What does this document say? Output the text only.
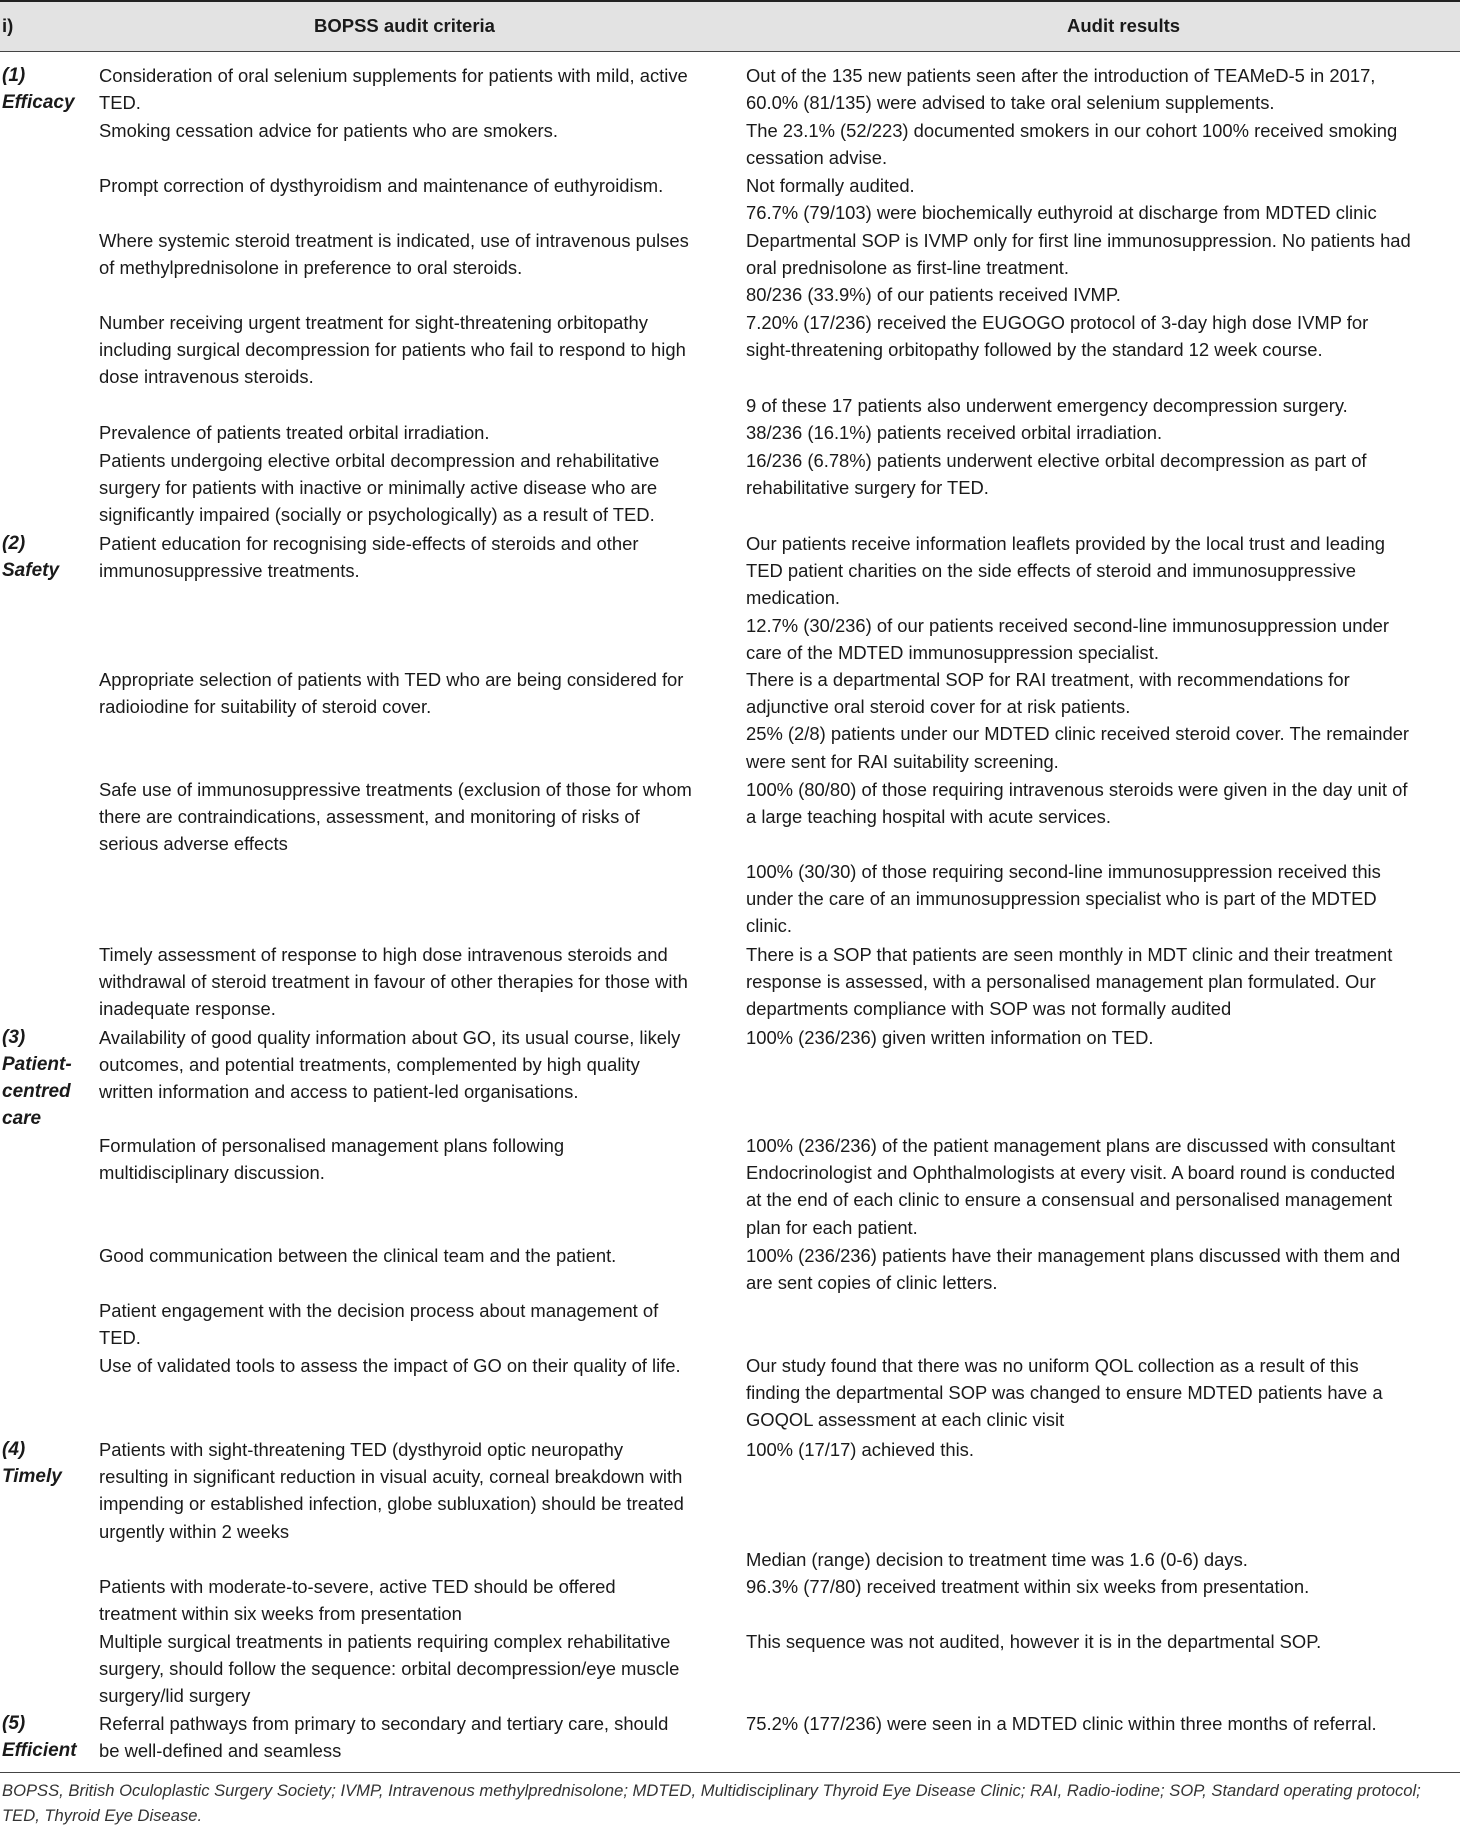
i)	BOPSS audit criteria	Audit results
(1)
Efficacy
(2)
Safety
(3)
Patient-
centred
care
(4)
Timely
(5)
Efficient
Consideration of oral selenium supplements for patients with mild, active
TED.
Smoking cessation advice for patients who are smokers.
Prompt correction of dysthyroidism and maintenance of euthyroidism.
Where systemic steroid treatment is indicated, use of intravenous pulses
of methylprednisolone in preference to oral steroids.
Number receiving urgent treatment for sight-threatening orbitopathy
including surgical decompression for patients who fail to respond to high
dose intravenous steroids.
Prevalence of patients treated orbital irradiation.
Patients undergoing elective orbital decompression and rehabilitative
surgery for patients with inactive or minimally active disease who are
significantly impaired (socially or psychologically) as a result of TED.
Patient education for recognising side-effects of steroids and other
immunosuppressive treatments.
Appropriate selection of patients with TED who are being considered for
radioiodine for suitability of steroid cover.
Safe use of immunosuppressive treatments (exclusion of those for whom
there are contraindications, assessment, and monitoring of risks of
serious adverse effects
Timely assessment of response to high dose intravenous steroids and
withdrawal of steroid treatment in favour of other therapies for those with
inadequate response.
Availability of good quality information about GO, its usual course, likely
outcomes, and potential treatments, complemented by high quality
written information and access to patient-led organisations.
Formulation of personalised management plans following
multidisciplinary discussion.
Good communication between the clinical team and the patient.
Patient engagement with the decision process about management of
TED.
Use of validated tools to assess the impact of GO on their quality of life.
Patients with sight-threatening TED (dysthyroid optic neuropathy
resulting in significant reduction in visual acuity, corneal breakdown with
impending or established infection, globe subluxation) should be treated
urgently within 2 weeks
Patients with moderate-to-severe, active TED should be offered
treatment within six weeks from presentation
Multiple surgical treatments in patients requiring complex rehabilitative
surgery, should follow the sequence: orbital decompression/eye muscle
surgery/lid surgery
Referral pathways from primary to secondary and tertiary care, should
be well-defined and seamless
Out of the 135 new patients seen after the introduction of TEAMeD-5 in 2017,
60.0% (81/135) were advised to take oral selenium supplements.
The 23.1% (52/223) documented smokers in our cohort 100% received smoking
cessation advise.
Not formally audited.
76.7% (79/103) were biochemically euthyroid at discharge from MDTED clinic
Departmental SOP is IVMP only for first line immunosuppression. No patients had
oral prednisolone as first-line treatment.
80/236 (33.9%) of our patients received IVMP.
7.20% (17/236) received the EUGOGO protocol of 3-day high dose IVMP for
sight-threatening orbitopathy followed by the standard 12 week course.
9 of these 17 patients also underwent emergency decompression surgery.
38/236 (16.1%) patients received orbital irradiation.
16/236 (6.78%) patients underwent elective orbital decompression as part of
rehabilitative surgery for TED.
Our patients receive information leaflets provided by the local trust and leading
TED patient charities on the side effects of steroid and immunosuppressive
medication.
12.7% (30/236) of our patients received second-line immunosuppression under
care of the MDTED immunosuppression specialist.
There is a departmental SOP for RAI treatment, with recommendations for
adjunctive oral steroid cover for at risk patients.
25% (2/8) patients under our MDTED clinic received steroid cover. The remainder
were sent for RAI suitability screening.
100% (80/80) of those requiring intravenous steroids were given in the day unit of
a large teaching hospital with acute services.
100% (30/30) of those requiring second-line immunosuppression received this
under the care of an immunosuppression specialist who is part of the MDTED
clinic.
There is a SOP that patients are seen monthly in MDT clinic and their treatment
response is assessed, with a personalised management plan formulated. Our
departments compliance with SOP was not formally audited
100% (236/236) given written information on TED.
100% (236/236) of the patient management plans are discussed with consultant
Endocrinologist and Ophthalmologists at every visit. A board round is conducted
at the end of each clinic to ensure a consensual and personalised management
plan for each patient.
100% (236/236) patients have their management plans discussed with them and
are sent copies of clinic letters.
Our study found that there was no uniform QOL collection as a result of this
finding the departmental SOP was changed to ensure MDTED patients have a
GOQOL assessment at each clinic visit
100% (17/17) achieved this.
Median (range) decision to treatment time was 1.6 (0-6) days.
96.3% (77/80) received treatment within six weeks from presentation.
This sequence was not audited, however it is in the departmental SOP.
75.2% (177/236) were seen in a MDTED clinic within three months of referral.
BOPSS, British Oculoplastic Surgery Society; IVMP, Intravenous methylprednisolone; MDTED, Multidisciplinary Thyroid Eye Disease Clinic; RAI, Radio-iodine; SOP, Standard operating protocol; TED, Thyroid Eye Disease.
